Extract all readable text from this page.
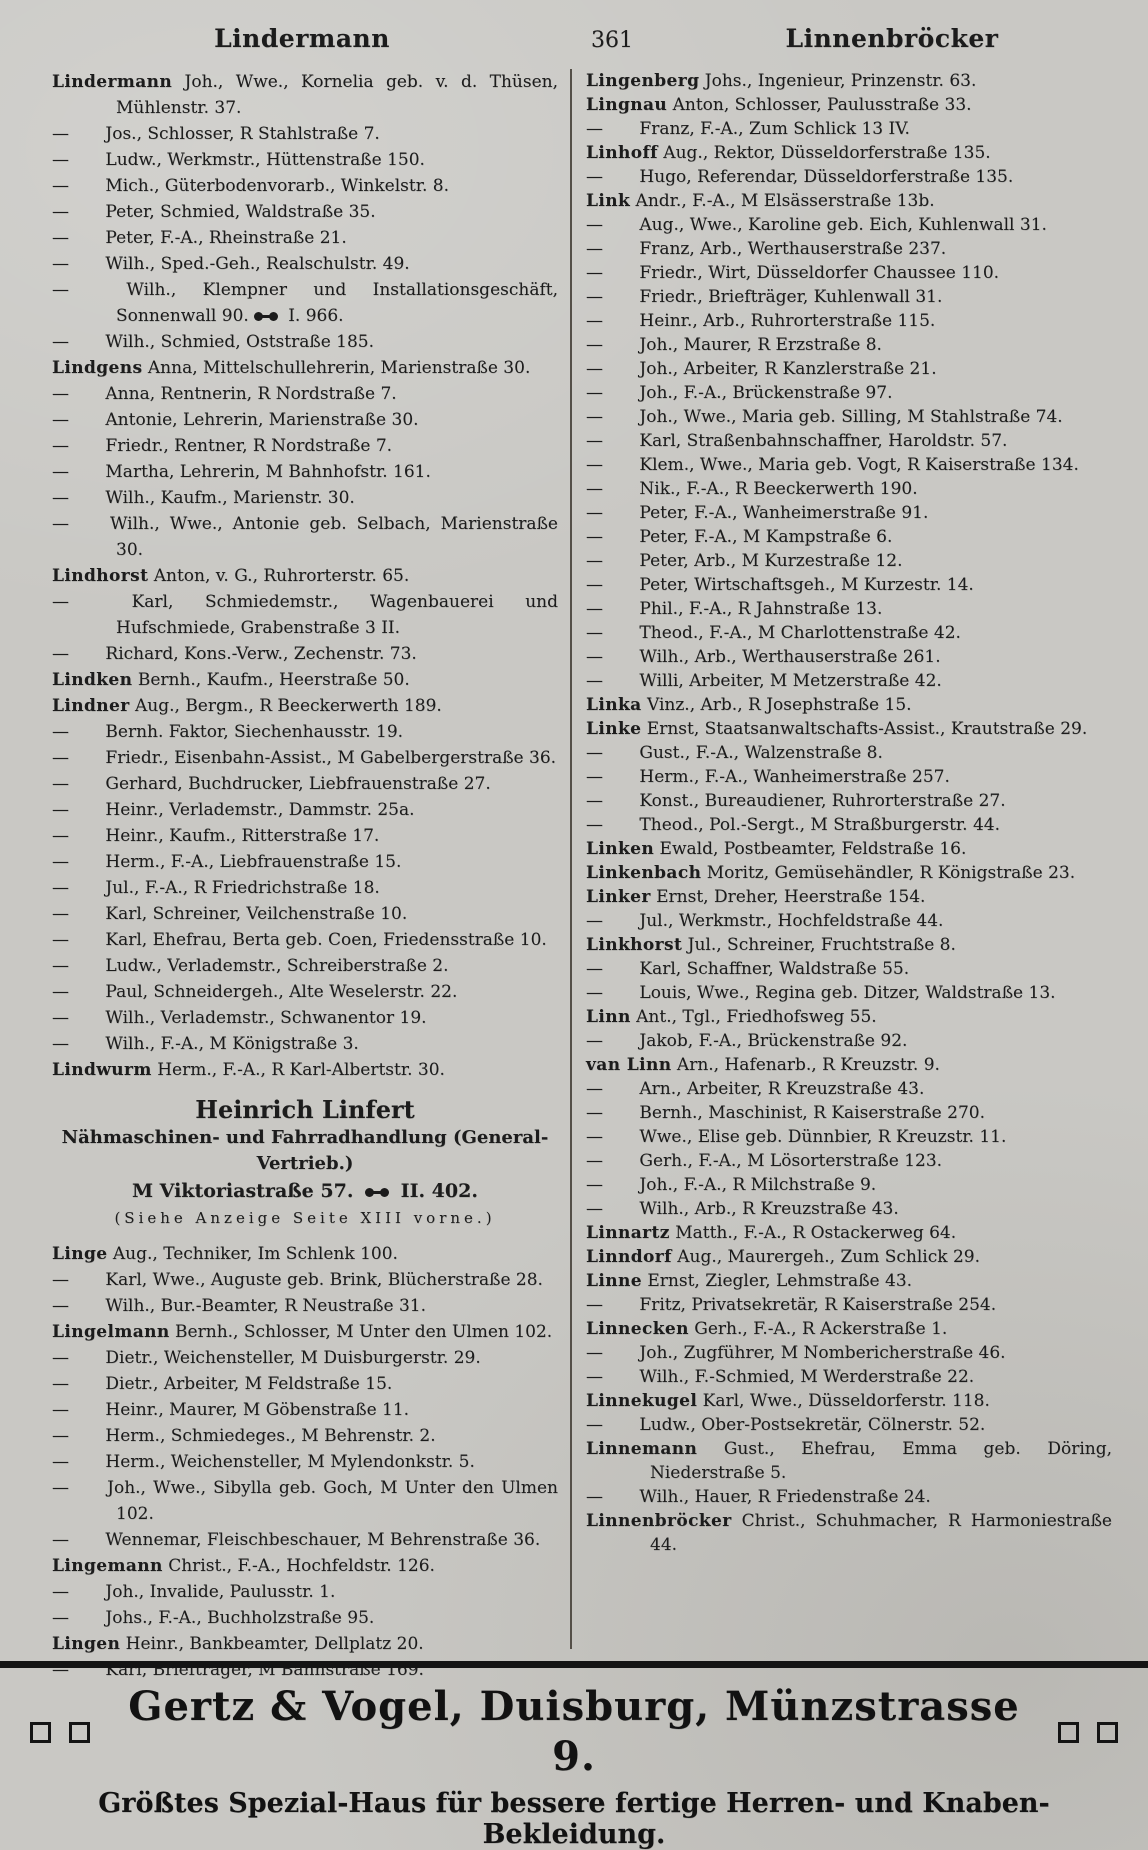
Lindermann	361	Linnenbröcker
Lindermann Joh., Wwe., Kornelia geb. v. d. Thüsen, Mühlenstr. 37.
— Jos., Schlosser, R Stahlstraße 7.
— Ludw., Werkmstr., Hüttenstraße 150.
— Mich., Güterbodenvorarb., Winkelstr. 8.
— Peter, Schmied, Waldstraße 35.
— Peter, F.-A., Rheinstraße 21.
— Wilh., Sped.-Geh., Realschulstr. 49.
— Wilh., Klempner und Installationsgeschäft, Sonnenwall 90. I. 966.
— Wilh., Schmied, Oststraße 185.
Lindgens Anna, Mittelschullehrerin, Marienstraße 30.
— Anna, Rentnerin, R Nordstraße 7.
— Antonie, Lehrerin, Marienstraße 30.
— Friedr., Rentner, R Nordstraße 7.
— Martha, Lehrerin, M Bahnhofstr. 161.
— Wilh., Kaufm., Marienstr. 30.
— Wilh., Wwe., Antonie geb. Selbach, Marienstraße 30.
Lindhorst Anton, v. G., Ruhrorterstr. 65.
— Karl, Schmiedemstr., Wagenbauerei und Hufschmiede, Grabenstraße 3 II.
— Richard, Kons.-Verw., Zechenstr. 73.
Lindken Bernh., Kaufm., Heerstraße 50.
Lindner Aug., Bergm., R Beeckerwerth 189.
— Bernh. Faktor, Siechenhausstr. 19.
— Friedr., Eisenbahn-Assist., M Gabelbergerstraße 36.
— Gerhard, Buchdrucker, Liebfrauenstraße 27.
— Heinr., Verlademstr., Dammstr. 25a.
— Heinr., Kaufm., Ritterstraße 17.
— Herm., F.-A., Liebfrauenstraße 15.
— Jul., F.-A., R Friedrichstraße 18.
— Karl, Schreiner, Veilchenstraße 10.
— Karl, Ehefrau, Berta geb. Coen, Friedensstraße 10.
— Ludw., Verlademstr., Schreiberstraße 2.
— Paul, Schneidergeh., Alte Weselerstr. 22.
— Wilh., Verlademstr., Schwanentor 19.
— Wilh., F.-A., M Königstraße 3.
Lindwurm Herm., F.-A., R Karl-Albertstr. 30.
Heinrich Linfert
Nähmaschinen- und Fahrradhandlung (General-Vertrieb.)
M Viktoriastraße 57.  II. 402.
(Siehe Anzeige Seite XIII vorne.)
Linge Aug., Techniker, Im Schlenk 100.
— Karl, Wwe., Auguste geb. Brink, Blücherstraße 28.
— Wilh., Bur.-Beamter, R Neustraße 31.
Lingelmann Bernh., Schlosser, M Unter den Ulmen 102.
— Dietr., Weichensteller, M Duisburgerstr. 29.
— Dietr., Arbeiter, M Feldstraße 15.
— Heinr., Maurer, M Göbenstraße 11.
— Herm., Schmiedeges., M Behrenstr. 2.
— Herm., Weichensteller, M Mylendonkstr. 5.
— Joh., Wwe., Sibylla geb. Goch, M Unter den Ulmen 102.
— Wennemar, Fleischbeschauer, M Behrenstraße 36.
Lingemann Christ., F.-A., Hochfeldstr. 126.
— Joh., Invalide, Paulusstr. 1.
— Johs., F.-A., Buchholzstraße 95.
Lingen Heinr., Bankbeamter, Dellplatz 20.
— Karl, Briefträger, M Bahnstraße 169.
Lingenberg Johs., Ingenieur, Prinzenstr. 63.
Lingnau Anton, Schlosser, Paulusstraße 33.
— Franz, F.-A., Zum Schlick 13 IV.
Linhoff Aug., Rektor, Düsseldorferstraße 135.
— Hugo, Referendar, Düsseldorferstraße 135.
Link Andr., F.-A., M Elsässerstraße 13b.
— Aug., Wwe., Karoline geb. Eich, Kuhlenwall 31.
— Franz, Arb., Werthauserstraße 237.
— Friedr., Wirt, Düsseldorfer Chaussee 110.
— Friedr., Briefträger, Kuhlenwall 31.
— Heinr., Arb., Ruhrorterstraße 115.
— Joh., Maurer, R Erzstraße 8.
— Joh., Arbeiter, R Kanzlerstraße 21.
— Joh., F.-A., Brückenstraße 97.
— Joh., Wwe., Maria geb. Silling, M Stahlstraße 74.
— Karl, Straßenbahnschaffner, Haroldstr. 57.
— Klem., Wwe., Maria geb. Vogt, R Kaiserstraße 134.
— Nik., F.-A., R Beeckerwerth 190.
— Peter, F.-A., Wanheimerstraße 91.
— Peter, F.-A., M Kampstraße 6.
— Peter, Arb., M Kurzestraße 12.
— Peter, Wirtschaftsgeh., M Kurzestr. 14.
— Phil., F.-A., R Jahnstraße 13.
— Theod., F.-A., M Charlottenstraße 42.
— Wilh., Arb., Werthauserstraße 261.
— Willi, Arbeiter, M Metzerstraße 42.
Linka Vinz., Arb., R Josephstraße 15.
Linke Ernst, Staatsanwaltschafts-Assist., Krautstraße 29.
— Gust., F.-A., Walzenstraße 8.
— Herm., F.-A., Wanheimerstraße 257.
— Konst., Bureaudiener, Ruhrorterstraße 27.
— Theod., Pol.-Sergt., M Straßburgerstr. 44.
Linken Ewald, Postbeamter, Feldstraße 16.
Linkenbach Moritz, Gemüsehändler, R Königstraße 23.
Linker Ernst, Dreher, Heerstraße 154.
— Jul., Werkmstr., Hochfeldstraße 44.
Linkhorst Jul., Schreiner, Fruchtstraße 8.
— Karl, Schaffner, Waldstraße 55.
— Louis, Wwe., Regina geb. Ditzer, Waldstraße 13.
Linn Ant., Tgl., Friedhofsweg 55.
— Jakob, F.-A., Brückenstraße 92.
van Linn Arn., Hafenarb., R Kreuzstr. 9.
— Arn., Arbeiter, R Kreuzstraße 43.
— Bernh., Maschinist, R Kaiserstraße 270.
— Wwe., Elise geb. Dünnbier, R Kreuzstr. 11.
— Gerh., F.-A., M Lösorterstraße 123.
— Joh., F.-A., R Milchstraße 9.
— Wilh., Arb., R Kreuzstraße 43.
Linnartz Matth., F.-A., R Ostackerweg 64.
Linndorf Aug., Maurergeh., Zum Schlick 29.
Linne Ernst, Ziegler, Lehmstraße 43.
— Fritz, Privatsekretär, R Kaiserstraße 254.
Linnecken Gerh., F.-A., R Ackerstraße 1.
— Joh., Zugführer, M Nombericherstraße 46.
— Wilh., F.-Schmied, M Werderstraße 22.
Linnekugel Karl, Wwe., Düsseldorferstr. 118.
— Ludw., Ober-Postsekretär, Cölnerstr. 52.
Linnemann Gust., Ehefrau, Emma geb. Döring, Niederstraße 5.
— Wilh., Hauer, R Friedenstraße 24.
Linnenbröcker Christ., Schuhmacher, R Harmoniestraße 44.
Gertz & Vogel, Duisburg, Münzstrasse 9.
Größtes Spezial-Haus für bessere fertige Herren- und Knaben-Bekleidung.
